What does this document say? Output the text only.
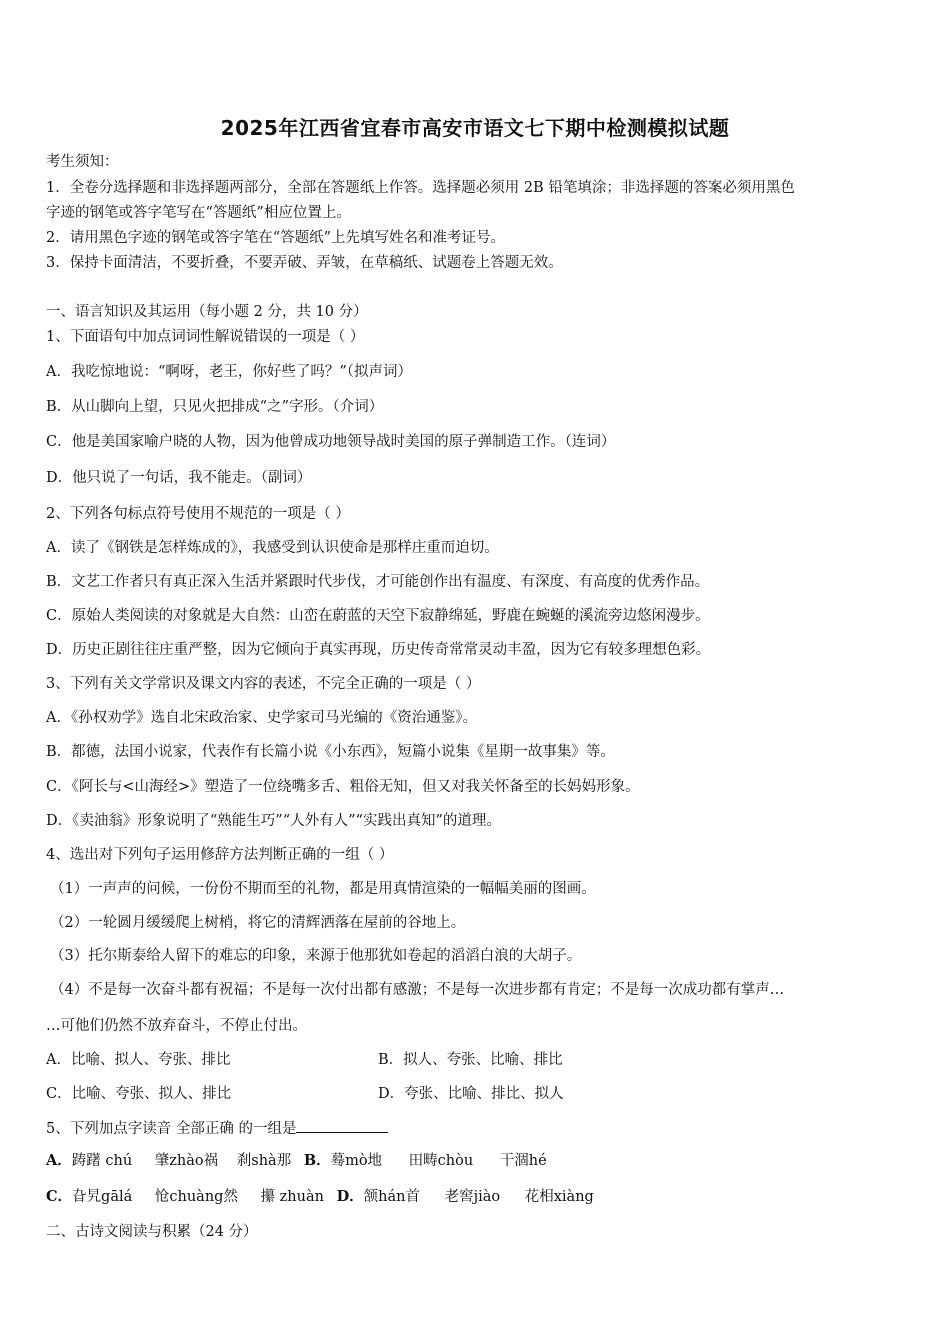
2025年江西省宜春市高安市语文七下期中检测模拟试题
考生须知：
1．全卷分选择题和非选择题两部分，全部在答题纸上作答。选择题必须用 2B 铅笔填涂；非选择题的答案必须用黑色
字迹的钢笔或答字笔写在“答题纸”相应位置上。
2．请用黑色字迹的钢笔或答字笔在“答题纸”上先填写姓名和准考证号。
3．保持卡面清洁，不要折叠，不要弄破、弄皱，在草稿纸、试题卷上答题无效。
一、语言知识及其运用（每小题 2 分，共 10 分）
1、下面语句中加点词词性解说错误的一项是（ ）
A．我吃惊地说：“啊呀，老王，你好些了吗？”（拟声词）
B．从山脚向上望，只见火把排成“之”字形。（介词）
C．他是美国家喻户晓的人物，因为他曾成功地领导战时美国的原子弹制造工作。（连词）
D．他只说了一句话，我不能走。（副词）
2、下列各句标点符号使用不规范的一项是（ ）
A．读了《钢铁是怎样炼成的》，我感受到认识使命是那样庄重而迫切。
B．文艺工作者只有真正深入生活并紧跟时代步伐，才可能创作出有温度、有深度、有高度的优秀作品。
C．原始人类阅读的对象就是大自然：山峦在蔚蓝的天空下寂静绵延，野鹿在蜿蜒的溪流旁边悠闲漫步。
D．历史正剧往往庄重严整，因为它倾向于真实再现，历史传奇常常灵动丰盈，因为它有较多理想色彩。
3、下列有关文学常识及课文内容的表述，不完全正确的一项是（ ）
A．《孙权劝学》选自北宋政治家、史学家司马光编的《资治通鉴》。
B．都德，法国小说家，代表作有长篇小说《小东西》，短篇小说集《星期一故事集》等。
C．《阿长与<山海经>》塑造了一位绕嘴多舌、粗俗无知，但又对我关怀备至的长妈妈形象。
D．《卖油翁》形象说明了“熟能生巧”“人外有人”“实践出真知”的道理。
4、选出对下列句子运用修辞方法判断正确的一组（ ）
（1）一声声的问候，一份份不期而至的礼物，都是用真情渲染的一幅幅美丽的图画。
（2）一轮圆月缓缓爬上树梢，将它的清辉洒落在屋前的谷地上。
（3）托尔斯泰给人留下的难忘的印象，来源于他那犹如卷起的滔滔白浪的大胡子。
（4）不是每一次奋斗都有祝福；不是每一次付出都有感激；不是每一次进步都有肯定；不是每一次成功都有掌声…
…可他们仍然不放弃奋斗，不停止付出。
A．比喻、拟人、夸张、排比	B．拟人、夸张、比喻、排比
C．比喻、夸张、拟人、排比	D．夸张、比喻、排比、拟人
5、下列加点字读音 全部正确 的一组是
A．踌躇 chú 肇zhào祸 刹shà那 B．蓦mò地 田畴chòu 干涸hé
C．旮旯gālá 怆chuàng然 攥 zhuàn D．颔hán首 老窖jiào 花相xiàng
二、古诗文阅读与积累（24 分）
